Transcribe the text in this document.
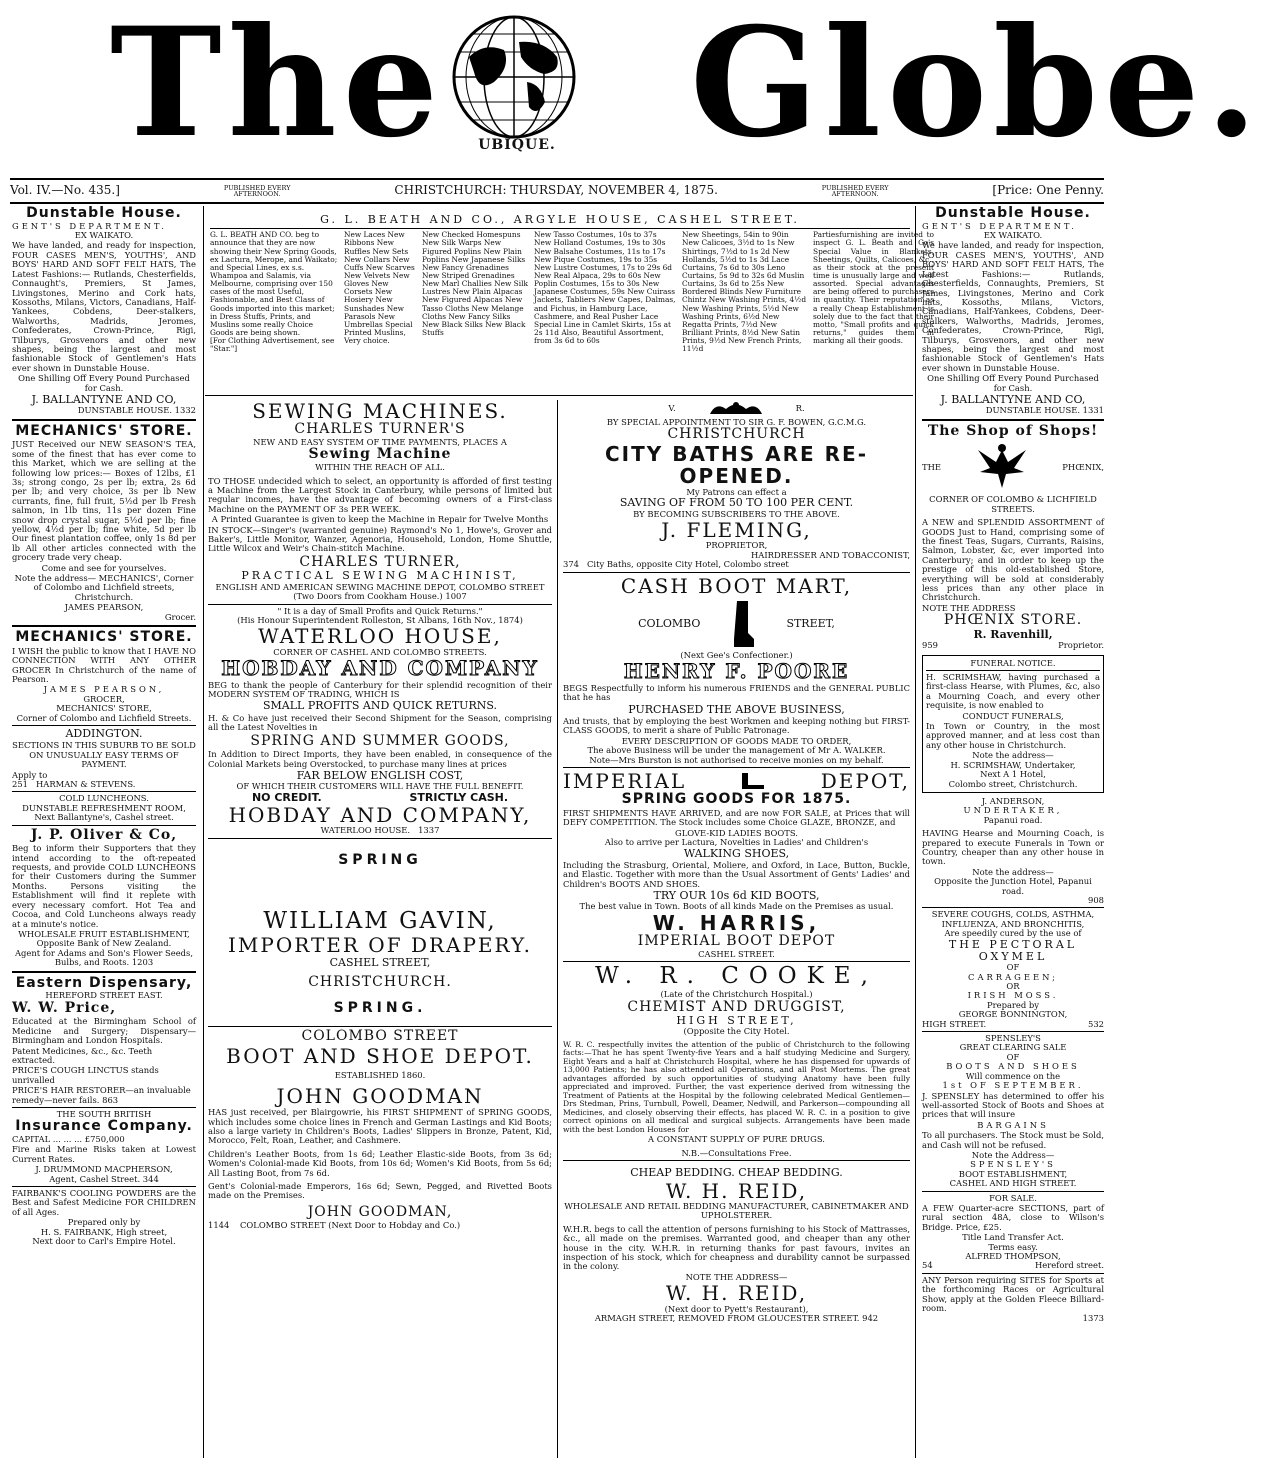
The	UBIQUE. Globe.
Vol. IV.—No. 435.]	PUBLISHED EVERY AFTERNOON.	CHRISTCHURCH: THURSDAY, NOVEMBER 4, 1875.	PUBLISHED EVERY AFTERNOON.	[Price: One Penny.
Dunstable House.
GENT'S DEPARTMENT.
EX WAIKATO.

We have landed, and ready for inspection, FOUR CASES MEN'S, YOUTHS', AND BOYS' HARD AND SOFT FELT HATS, The Latest Fashions:— Rutlands, Chesterfields, Connaught's, Premiers, St James, Livingstones, Merino and Cork hats, Kossoths, Milans, Victors, Canadians, Half-Yankees, Cobdens, Deer-stalkers, Walworths, Madrids, Jeromes, Confederates, Crown-Prince, Rigi, Tilburys, Grosvenors and other new shapes, being the largest and most fashionable Stock of Gentlemen's Hats ever shown in Dunstable House.

One Shilling Off Every Pound Purchased for Cash.

J. BALLANTYNE AND CO,
DUNSTABLE HOUSE. 1332
MECHANICS' STORE.

JUST Received our NEW SEASON'S TEA, some of the finest that has ever come to this Market, which we are selling at the following low prices:— Boxes of 12lbs, £1 3s; strong congo, 2s per lb; extra, 2s 6d per lb; and very choice, 3s per lb New currants, fine, full fruit, 5½d per lb Fresh salmon, in 1lb tins, 11s per dozen Fine snow drop crystal sugar, 5½d per lb; fine yellow, 4½d per lb; fine white, 5d per lb Our finest plantation coffee, only 1s 8d per lb All other articles connected with the grocery trade very cheap.

Come and see for yourselves.

Note the address— MECHANICS', Corner of Colombo and Lichfield streets, Christchurch.

JAMES PEARSON,
Grocer.
MECHANICS' STORE.

I WISH the public to know that I HAVE NO CONNECTION WITH ANY OTHER GROCER In Christchurch of the name of Pearson.

JAMES PEARSON,
GROCER,
MECHANICS' STORE,
Corner of Colombo and Lichfield Streets.
ADDINGTON.

SECTIONS IN THIS SUBURB TO BE SOLD ON UNUSUALLY EASY TERMS OF PAYMENT.

Apply to
251 HARMAN & STEVENS.
COLD LUNCHEONS.
DUNSTABLE REFRESHMENT ROOM,
Next Ballantyne's, Cashel street.
J. P. Oliver & Co,

Beg to inform their Supporters that they intend according to the oft-repeated requests, and provide COLD LUNCHEONS for their Customers during the Summer Months. Persons visiting the Establishment will find it replete with every necessary comfort. Hot Tea and Cocoa, and Cold Luncheons always ready at a minute's notice.

WHOLESALE FRUIT ESTABLISHMENT,
Opposite Bank of New Zealand.
Agent for Adams and Son's Flower Seeds, Bulbs, and Roots. 1203
Eastern Dispensary,
HEREFORD STREET EAST.
W. W. Price,

Educated at the Birmingham School of Medicine and Surgery; Dispensary—Birmingham and London Hospitals.

Patent Medicines, &c., &c. Teeth extracted.

PRICE'S COUGH LINCTUS stands unrivalled

PRICE'S HAIR RESTORER—an invaluable remedy—never fails. 863

THE SOUTH BRITISH
Insurance Company.
CAPITAL ... ... ... £750,000

Fire and Marine Risks taken at Lowest Current Rates.

J. DRUMMOND MACPHERSON,
Agent, Cashel Street. 344

FAIRBANK'S COOLING POWDERS are the Best and Safest Medicine FOR CHILDREN of all Ages.

Prepared only by
H. S. FAIRBANK, High street,
Next door to Carl's Empire Hotel.
G. L. BEATH AND CO., ARGYLE HOUSE, CASHEL STREET.
G. L. BEATH AND CO. beg to announce that they are now showing their New Spring Goods, ex Lactura, Merope, and Waikato; and Special Lines, ex s.s. Whampoa and Salamis, via Melbourne, comprising over 150 cases of the most Useful, Fashionable, and Best Class of Goods imported into this market; in Dress Stuffs, Prints, and Muslins some really Choice Goods are being shown.
[For Clothing Advertisement, see "Star."]
New Laces New Ribbons New Ruffles New Sets New Collars New Cuffs New Scarves New Velvets New Gloves New Corsets New Hosiery New Sunshades New Parasols New Umbrellas Special Printed Muslins, Very choice.
New Checked Homespuns New Silk Warps New Figured Poplins New Plain Poplins New Japanese Silks New Fancy Grenadines New Striped Grenadines New Marl Challies New Silk Lustres New Plain Alpacas New Figured Alpacas New Tasso Cloths New Melange Cloths New Fancy Silks New Black Silks New Black Stuffs
New Tasso Costumes, 10s to 37s New Holland Costumes, 19s to 30s New Balsahe Costumes, 11s to 17s New Pique Costumes, 19s to 35s New Lustre Costumes, 17s to 29s 6d New Real Alpaca, 29s to 60s New Poplin Costumes, 15s to 30s New Japanese Costumes, 59s New Cuirass Jackets, Tabliers New Capes, Dalmas, and Fichus, in Hamburg Lace, Cashmere, and Real Pusher Lace Special Line in Camlet Skirts, 15s at 2s 11d Also, Beautiful Assortment, from 3s 6d to 60s
New Sheetings, 54in to 90in New Calicoes, 3½d to 1s New Shirtings, 7½d to 1s 2d New Hollands, 5½d to 1s 3d Lace Curtains, 7s 6d to 30s Leno Curtains, 5s 9d to 32s 6d Muslin Curtains, 3s 6d to 25s New Bordered Blinds New Furniture Chintz New Washing Prints, 4½d New Washing Prints, 5½d New Washing Prints, 6½d New Regatta Prints, 7½d New Brilliant Prints, 8½d New Satin Prints, 9½d New French Prints, 11½d
Partiesfurnishing are invited to inspect G. L. Beath and Co's Special Value in Blankets, Sheetings, Quilts, Calicoes, &c., as their stock at the present time is unusually large and well assorted. Special advantages are being offered to purchasers in quantity. Their reputation as a really Cheap Establishment is solely due to the fact that their motto, "Small profits and quick returns," guides them in marking all their goods.
SEWING MACHINES.
CHARLES TURNER'S
NEW AND EASY SYSTEM OF TIME PAYMENTS, PLACES A
Sewing Machine
WITHIN THE REACH OF ALL.

TO THOSE undecided which to select, an opportunity is afforded of first testing a Machine from the Largest Stock in Canterbury, while persons of limited but regular incomes, have the advantage of becoming owners of a First-class Machine on the PAYMENT OF 3s PER WEEK.

A Printed Guarantee is given to keep the Machine in Repair for Twelve Months

IN STOCK—Singer's (warranted genuine) Raymond's No 1, Howe's, Grover and Baker's, Little Monitor, Wanzer, Agenoria, Household, London, Home Shuttle, Little Wilcox and Weir's Chain-stitch Machine.

CHARLES TURNER,
PRACTICAL SEWING MACHINIST,
ENGLISH AND AMERICAN SEWING MACHINE DEPOT, COLOMBO STREET
(Two Doors from Cookham House.) 1007
" It is a day of Small Profits and Quick Returns."
(His Honour Superintendent Rolleston, St Albans, 16th Nov., 1874)
WATERLOO HOUSE,
CORNER OF CASHEL AND COLOMBO STREETS.
HOBDAY AND COMPANY

BEG to thank the people of Canterbury for their splendid recognition of their MODERN SYSTEM OF TRADING, WHICH IS

SMALL PROFITS AND QUICK RETURNS.

H. & Co have just received their Second Shipment for the Season, comprising all the Latest Novelties in

SPRING AND SUMMER GOODS,

In Addition to Direct Imports, they have been enabled, in consequence of the Colonial Markets being Overstocked, to purchase many lines at prices

FAR BELOW ENGLISH COST,
OF WHICH THEIR CUSTOMERS WILL HAVE THE FULL BENEFIT.
NO CREDIT.	STRICTLY CASH.
HOBDAY AND COMPANY,
WATERLOO HOUSE. 1337
SPRING
WILLIAM GAVIN,
IMPORTER OF DRAPERY.
CASHEL STREET,
CHRISTCHURCH.
SPRING.
COLOMBO STREET
BOOT AND SHOE DEPOT.
ESTABLISHED 1860.
JOHN GOODMAN

HAS just received, per Blairgowrie, his FIRST SHIPMENT of SPRING GOODS, which includes some choice lines in French and German Lastings and Kid Boots; also a large variety in Children's Boots, Ladies' Slippers in Bronze, Patent, Kid, Morocco, Felt, Roan, Leather, and Cashmere.

Children's Leather Boots, from 1s 6d; Leather Elastic-side Boots, from 3s 6d; Women's Colonial-made Kid Boots, from 10s 6d; Women's Kid Boots, from 5s 6d; All Lasting Boot, from 7s 6d.

Gent's Colonial-made Emperors, 16s 6d; Sewn, Pegged, and Rivetted Boots made on the Premises.

JOHN GOODMAN,
1144 COLOMBO STREET (Next Door to Hobday and Co.)
V.	R.
BY SPECIAL APPOINTMENT TO SIR G. F. BOWEN, G.C.M.G.
CHRISTCHURCH
CITY BATHS ARE RE-OPENED.
My Patrons can effect a
SAVING OF FROM 50 TO 100 PER CENT.
BY BECOMING SUBSCRIBERS TO THE ABOVE.
J. FLEMING,
PROPRIETOR,
HAIRDRESSER AND TOBACCONIST,
374 City Baths, opposite City Hotel, Colombo street
CASH BOOT MART,
COLOMBO	STREET,
(Next Gee's Confectioner.)
HENRY F. POORE

BEGS Respectfully to inform his numerous FRIENDS and the GENERAL PUBLIC that he has

PURCHASED THE ABOVE BUSINESS,

And trusts, that by employing the best Workmen and keeping nothing but FIRST-CLASS GOODS, to merit a share of Public Patronage.

EVERY DESCRIPTION OF GOODS MADE TO ORDER,
The above Business will be under the management of Mr A. WALKER.
Note—Mrs Burston is not authorised to receive monies on my behalf.
IMPERIAL	DEPOT,
SPRING GOODS FOR 1875.

FIRST SHIPMENTS HAVE ARRIVED, and are now FOR SALE, at Prices that will DEFY COMPETITION. The Stock includes some Choice GLAZE, BRONZE, and

GLOVE-KID LADIES BOOTS.
Also to arrive per Lactura, Novelties in Ladies' and Children's
WALKING SHOES,

Including the Strasburg, Oriental, Moliere, and Oxford, in Lace, Button, Buckle, and Elastic. Together with more than the Usual Assortment of Gents' Ladies' and Children's BOOTS AND SHOES.

TRY OUR 10s 6d KID BOOTS,
The best value in Town. Boots of all kinds Made on the Premises as usual.
W. HARRIS,
IMPERIAL BOOT DEPOT
CASHEL STREET.
W. R. COOKE,
(Late of the Christchurch Hospital.)
CHEMIST AND DRUGGIST,
HIGH STREET,
(Opposite the City Hotel.

W. R. C. respectfully invites the attention of the public of Christchurch to the following facts:—That he has spent Twenty-five Years and a half studying Medicine and Surgery, Eight Years and a half at Christchurch Hospital, where he has dispensed for upwards of 13,000 Patients; he has also attended all Operations, and all Post Mortems. The great advantages afforded by such opportunities of studying Anatomy have been fully appreciated and improved. Further, the vast experience derived from witnessing the Treatment of Patients at the Hospital by the following celebrated Medical Gentlemen—Drs Stedman, Prins, Turnbull, Powell, Deamer, Nedwill, and Parkerson—compounding all Medicines, and closely observing their effects, has placed W. R. C. in a position to give correct opinions on all medical and surgical subjects. Arrangements have been made with the best London Houses for

A CONSTANT SUPPLY OF PURE DRUGS.
N.B.—Consultations Free.
CHEAP BEDDING. CHEAP BEDDING.
W. H. REID,
WHOLESALE AND RETAIL BEDDING MANUFACTURER, CABINETMAKER AND UPHOLSTERER.

W.H.R. begs to call the attention of persons furnishing to his Stock of Mattrasses, &c., all made on the premises. Warranted good, and cheaper than any other house in the city. W.H.R. in returning thanks for past favours, invites an inspection of his stock, which for cheapness and durability cannot be surpassed in the colony.

NOTE THE ADDRESS—
W. H. REID,
(Next door to Pyett's Restaurant),
ARMAGH STREET, REMOVED FROM GLOUCESTER STREET. 942
Dunstable House.
GENT'S DEPARTMENT.
EX WAIKATO.

We have landed, and ready for inspection, FOUR CASES MEN'S, YOUTHS', AND BOYS' HARD AND SOFT FELT HATS, The Latest Fashions:— Rutlands, Chesterfields, Connaughts, Premiers, St James, Livingstones, Merino and Cork hats, Kossoths, Milans, Victors, Canadians, Half-Yankees, Cobdens, Deer-stalkers, Walworths, Madrids, Jeromes, Confederates, Crown-Prince, Rigi, Tilburys, Grosvenors, and other new shapes, being the largest and most fashionable Stock of Gentlemen's Hats ever shown in Dunstable House.

One Shilling Off Every Pound Purchased for Cash.

J. BALLANTYNE AND CO,
DUNSTABLE HOUSE. 1331
The Shop of Shops!
THE	PHŒNIX,
CORNER OF COLOMBO & LICHFIELD STREETS.

A NEW and SPLENDID ASSORTMENT of GOODS Just to Hand, comprising some of the finest Teas, Sugars, Currants, Raisins, Salmon, Lobster, &c, ever imported into Canterbury; and in order to keep up the prestige of this old-established Store, everything will be sold at considerably less prices than any other place in Christchurch.

NOTE THE ADDRESS
PHŒNIX STORE.
R. Ravenhill,
959	Proprietor.
FUNERAL NOTICE.

H. SCRIMSHAW, having purchased a first-class Hearse, with Plumes, &c, also a Mourning Coach, and every other requisite, is now enabled to

CONDUCT FUNERALS,

In Town or Country, in the most approved manner, and at less cost than any other house in Christchurch.

Note the address—
H. SCRIMSHAW, Undertaker,
Next A 1 Hotel,
Colombo street, Christchurch.
J. ANDERSON,
UNDERTAKER,
Papanui road.

HAVING Hearse and Mourning Coach, is prepared to execute Funerals in Town or Country, cheaper than any other house in town.

Note the address—
Opposite the Junction Hotel, Papanui road.
908
SEVERE COUGHS, COLDS, ASTHMA, INFLUENZA, AND BRONCHITIS,
Are speedily cured by the use of
THE PECTORAL OXYMEL
OF
CARRAGEEN;
OR
IRISH MOSS.
Prepared by
GEORGE BONNINGTON,
HIGH STREET.	532
SPENSLEY'S
GREAT CLEARING SALE
OF
BOOTS AND SHOES
Will commence on the
1st OF SEPTEMBER.

J. SPENSLEY has determined to offer his well-assorted Stock of Boots and Shoes at prices that will insure

BARGAINS

To all purchasers. The Stock must be Sold, and Cash will not be refused.

Note the Address—
SPENSLEY'S
BOOT ESTABLISHMENT,
CASHEL AND HIGH STREET.
FOR SALE.

A FEW Quarter-acre SECTIONS, part of rural section 48A, close to Wilson's Bridge. Price, £25.

Title Land Transfer Act.
Terms easy.
ALFRED THOMPSON,
54	Hereford street.

ANY Person requiring SITES for Sports at the forthcoming Races or Agricultural Show, apply at the Golden Fleece Billiard-room.

1373
